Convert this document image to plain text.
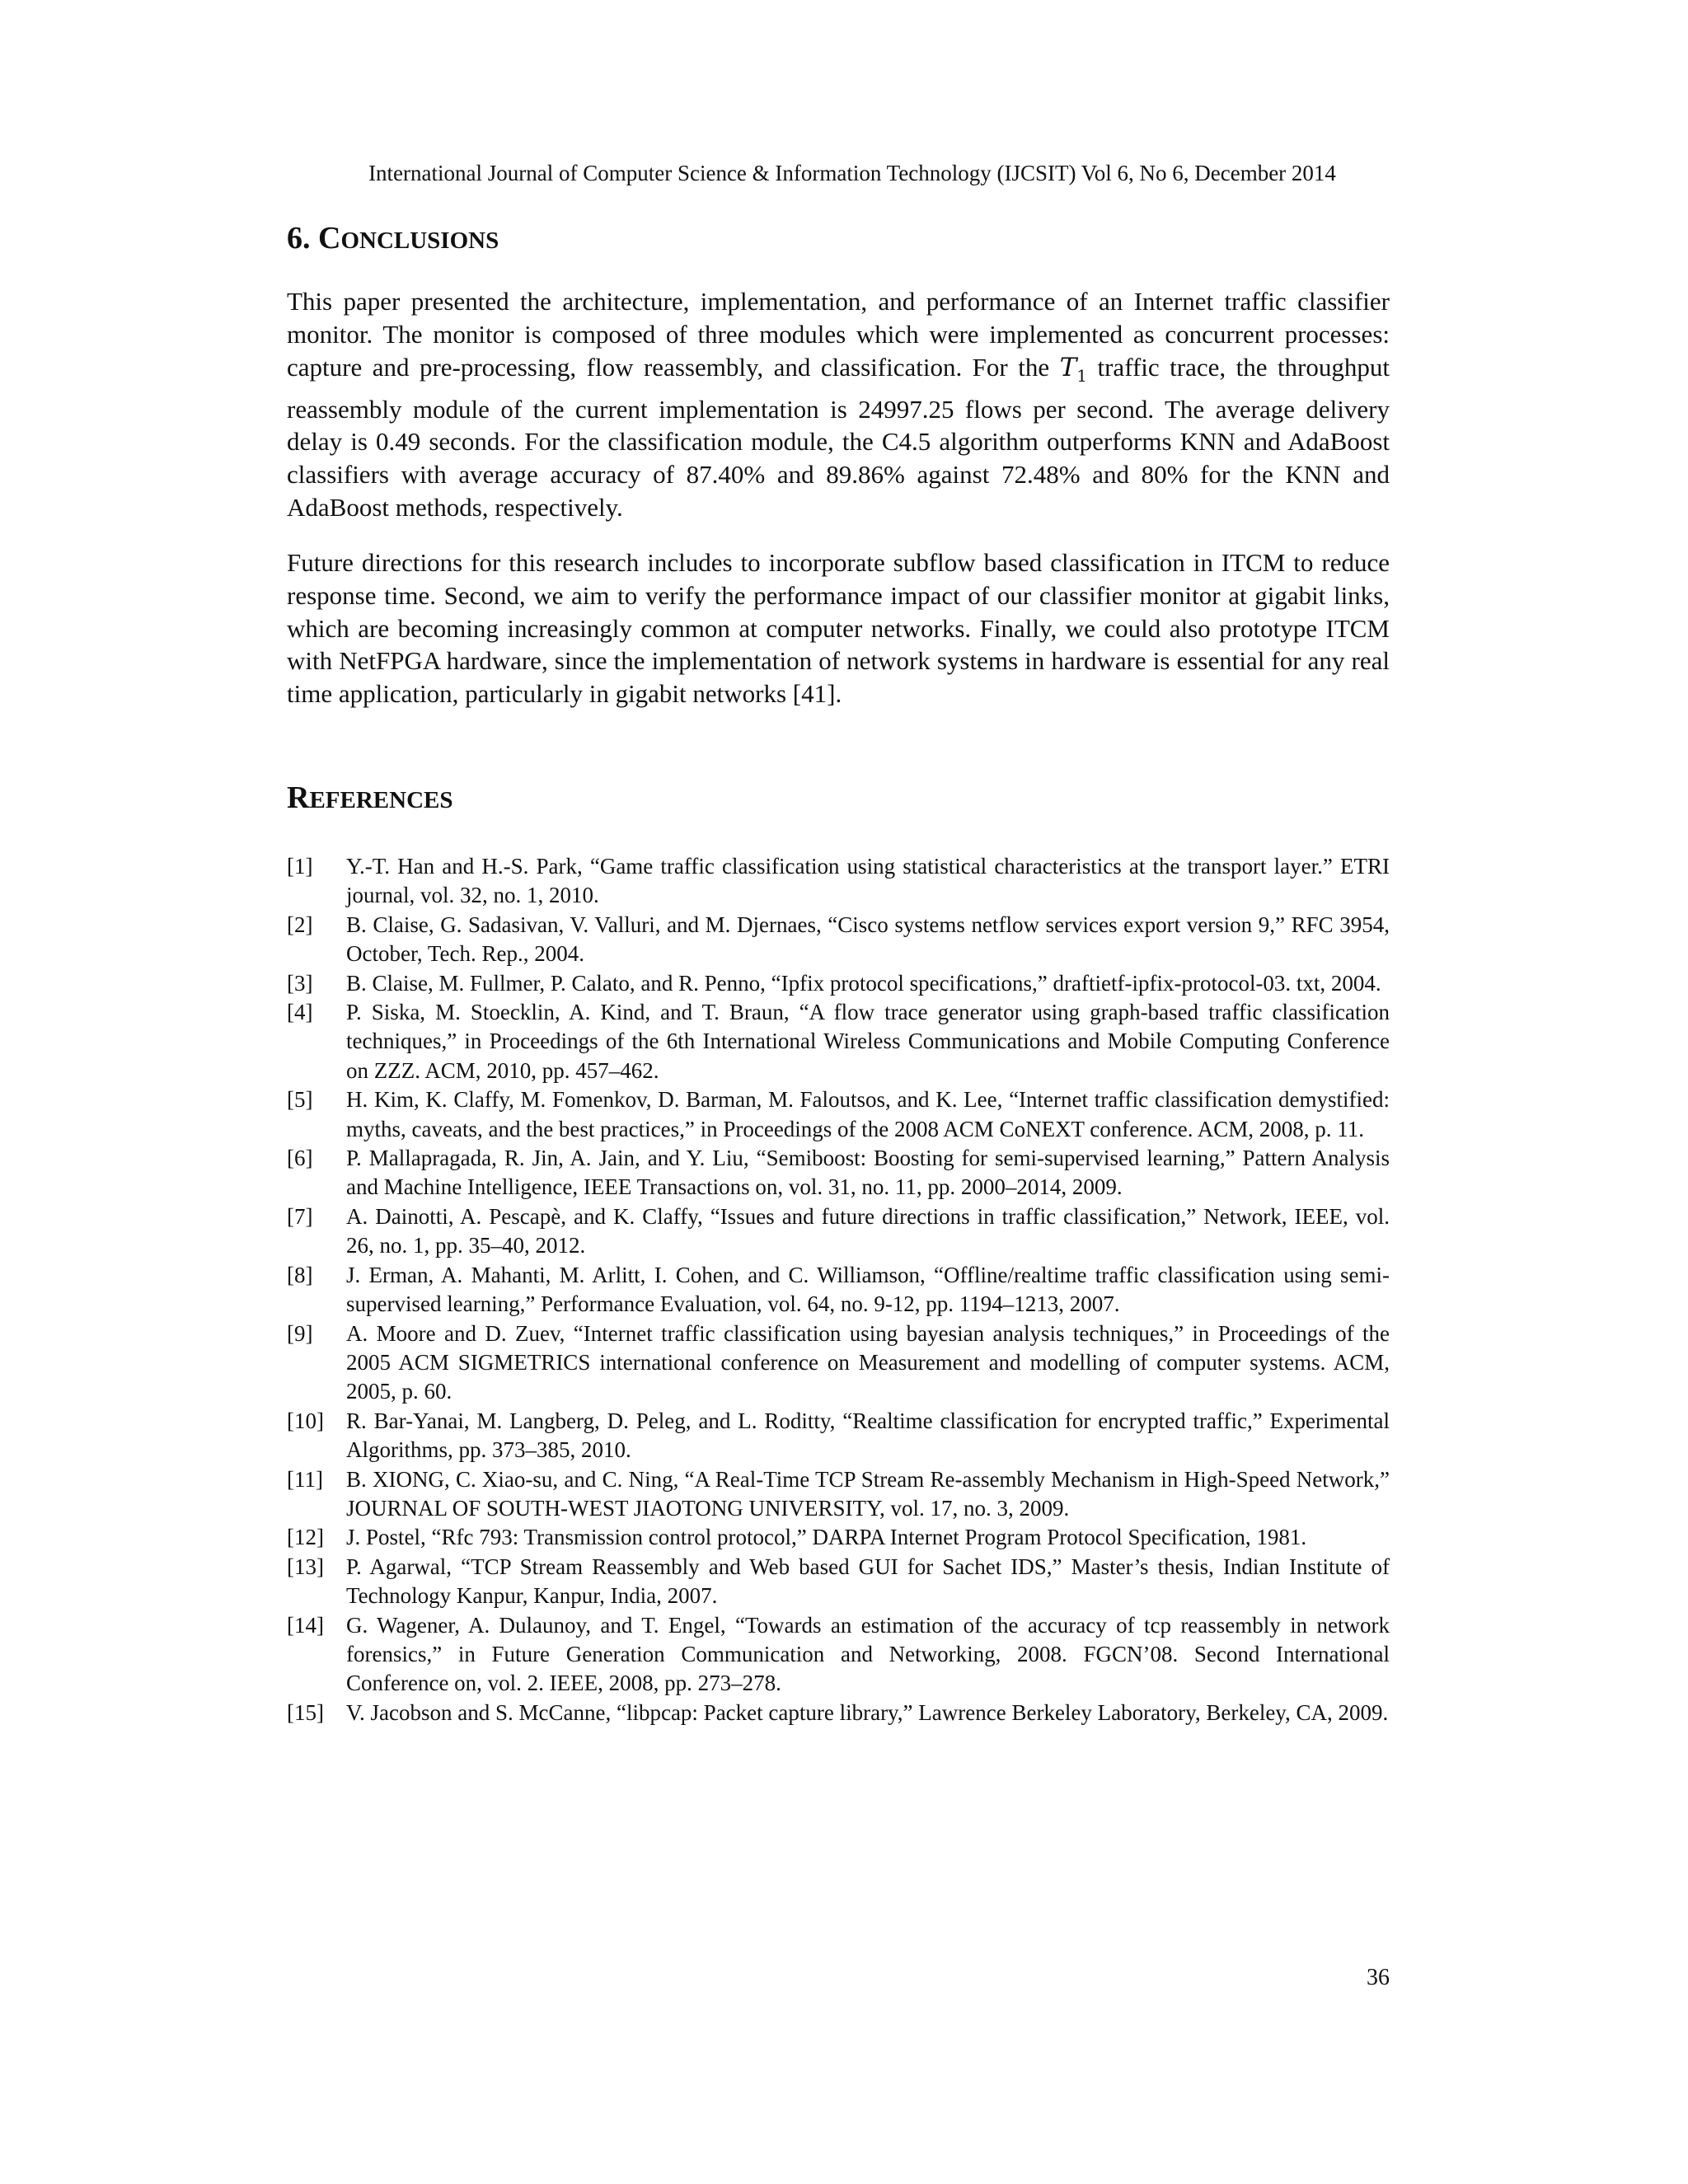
International Journal of Computer Science & Information Technology (IJCSIT) Vol 6, No 6, December 2014
6. CONCLUSIONS

This paper presented the architecture, implementation, and performance of an Internet traffic classifier monitor. The monitor is composed of three modules which were implemented as concurrent processes: capture and pre-processing, flow reassembly, and classification. For the $T_1$ traffic trace, the throughput reassembly module of the current implementation is 24997.25 flows per second. The average delivery delay is 0.49 seconds. For the classification module, the C4.5 algorithm outperforms KNN and AdaBoost classifiers with average accuracy of 87.40% and 89.86% against 72.48% and 80% for the KNN and AdaBoost methods, respectively.

Future directions for this research includes to incorporate subflow based classification in ITCM to reduce response time. Second, we aim to verify the performance impact of our classifier monitor at gigabit links, which are becoming increasingly common at computer networks. Finally, we could also prototype ITCM with NetFPGA hardware, since the implementation of network systems in hardware is essential for any real time application, particularly in gigabit networks [41].

REFERENCES
[1]	Y.-T. Han and H.-S. Park, “Game traffic classification using statistical characteristics at the transport layer.” ETRI journal, vol. 32, no. 1, 2010.
[2]	B. Claise, G. Sadasivan, V. Valluri, and M. Djernaes, “Cisco systems netflow services export version 9,” RFC 3954, October, Tech. Rep., 2004.
[3]	B. Claise, M. Fullmer, P. Calato, and R. Penno, “Ipfix protocol specifications,” draftietf-ipfix-protocol-03. txt, 2004.
[4]	P. Siska, M. Stoecklin, A. Kind, and T. Braun, “A flow trace generator using graph-based traffic classification techniques,” in Proceedings of the 6th International Wireless Communications and Mobile Computing Conference on ZZZ. ACM, 2010, pp. 457–462.
[5]	H. Kim, K. Claffy, M. Fomenkov, D. Barman, M. Faloutsos, and K. Lee, “Internet traffic classification demystified: myths, caveats, and the best practices,” in Proceedings of the 2008 ACM CoNEXT conference. ACM, 2008, p. 11.
[6]	P. Mallapragada, R. Jin, A. Jain, and Y. Liu, “Semiboost: Boosting for semi-supervised learning,” Pattern Analysis and Machine Intelligence, IEEE Transactions on, vol. 31, no. 11, pp. 2000–2014, 2009.
[7]	A. Dainotti, A. Pescapè, and K. Claffy, “Issues and future directions in traffic classification,” Network, IEEE, vol. 26, no. 1, pp. 35–40, 2012.
[8]	J. Erman, A. Mahanti, M. Arlitt, I. Cohen, and C. Williamson, “Offline/realtime traffic classification using semi-supervised learning,” Performance Evaluation, vol. 64, no. 9-12, pp. 1194–1213, 2007.
[9]	A. Moore and D. Zuev, “Internet traffic classification using bayesian analysis techniques,” in Proceedings of the 2005 ACM SIGMETRICS international conference on Measurement and modelling of computer systems. ACM, 2005, p. 60.
[10]	R. Bar-Yanai, M. Langberg, D. Peleg, and L. Roditty, “Realtime classification for encrypted traffic,” Experimental Algorithms, pp. 373–385, 2010.
[11]	B. XIONG, C. Xiao-su, and C. Ning, “A Real-Time TCP Stream Re-assembly Mechanism in High-Speed Network,” JOURNAL OF SOUTH-WEST JIAOTONG UNIVERSITY, vol. 17, no. 3, 2009.
[12]	J. Postel, “Rfc 793: Transmission control protocol,” DARPA Internet Program Protocol Specification, 1981.
[13]	P. Agarwal, “TCP Stream Reassembly and Web based GUI for Sachet IDS,” Master’s thesis, Indian Institute of Technology Kanpur, Kanpur, India, 2007.
[14]	G. Wagener, A. Dulaunoy, and T. Engel, “Towards an estimation of the accuracy of tcp reassembly in network forensics,” in Future Generation Communication and Networking, 2008. FGCN’08. Second International Conference on, vol. 2. IEEE, 2008, pp. 273–278.
[15]	V. Jacobson and S. McCanne, “libpcap: Packet capture library,” Lawrence Berkeley Laboratory, Berkeley, CA, 2009.
36
